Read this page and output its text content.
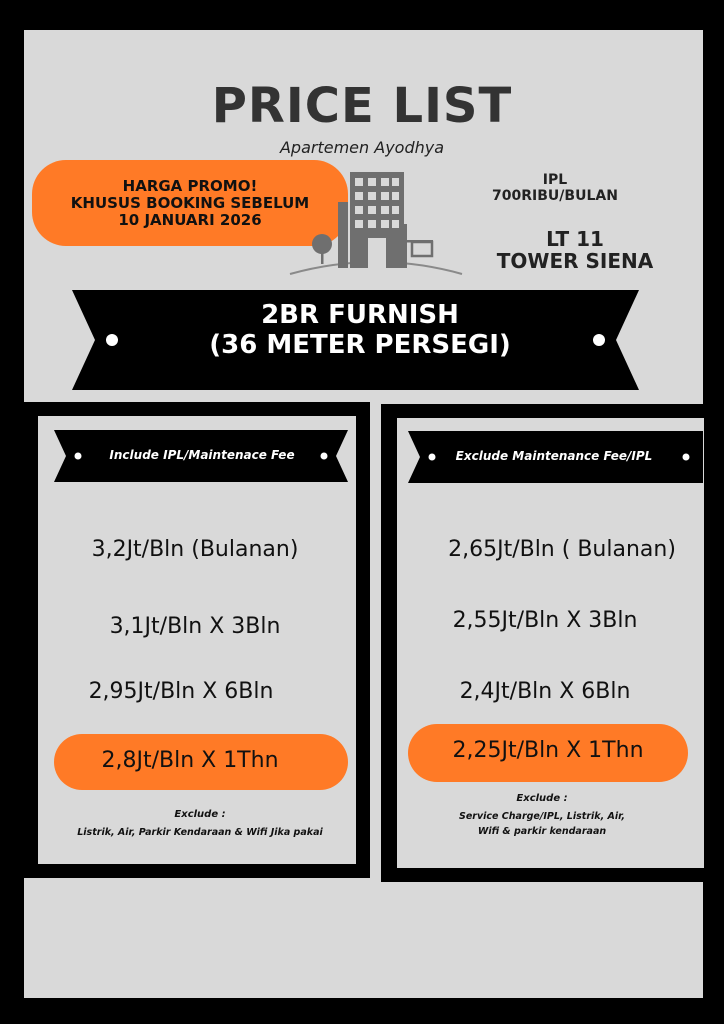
PRICE LIST
Apartemen Ayodhya
HARGA PROMO!
KHUSUS BOOKING SEBELUM
10 JANUARI 2026
IPL
700RIBU/BULAN
LT 11
TOWER SIENA
2BR FURNISH
(36 METER PERSEGI)
Include IPL/Maintenace Fee
3,2Jt/Bln (Bulanan)
3,1Jt/Bln X 3Bln
2,95Jt/Bln X 6Bln
2,8Jt/Bln X 1Thn
Exclude :
Listrik, Air, Parkir Kendaraan & Wifi Jika pakai
Exclude Maintenance Fee/IPL
2,65Jt/Bln ( Bulanan)
2,55Jt/Bln X 3Bln
2,4Jt/Bln X 6Bln
2,25Jt/Bln X 1Thn
Exclude :
Service Charge/IPL, Listrik, Air,
Wifi & parkir kendaraan
